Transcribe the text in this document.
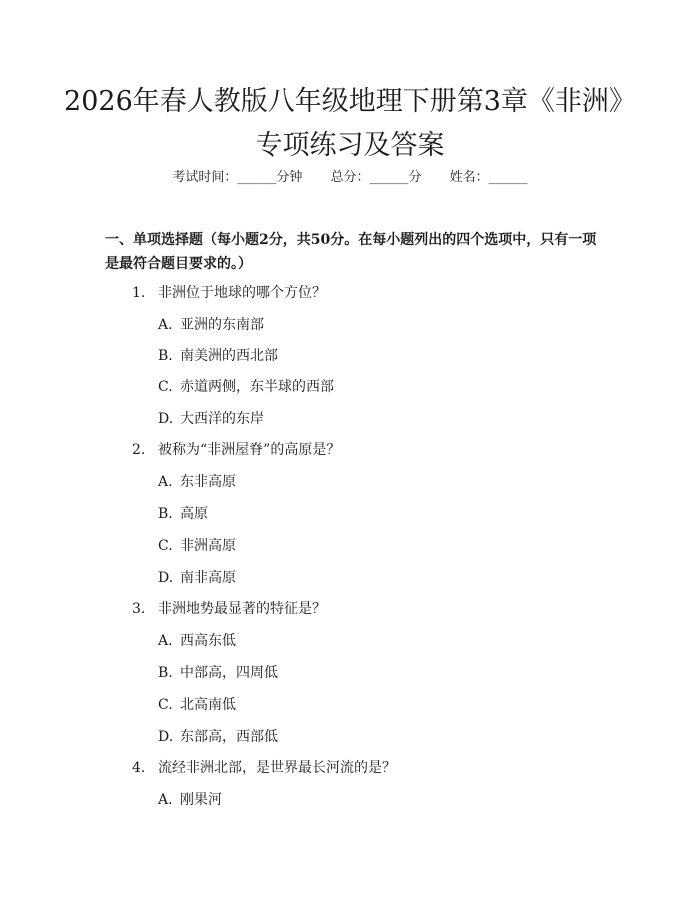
2026年春人教版八年级地理下册第3章《非洲》专项练习及答案
考试时间：______分钟 总分：______分 姓名：______
一、单项选择题（每小题2分，共50分。在每小题列出的四个选项中，只有一项是最符合题目要求的。）
1. 非洲位于地球的哪个方位？
A. 亚洲的东南部
B. 南美洲的西北部
C. 赤道两侧，东半球的西部
D. 大西洋的东岸
2. 被称为“非洲屋脊”的高原是？
A. 东非高原
B. 高原
C. 非洲高原
D. 南非高原
3. 非洲地势最显著的特征是？
A. 西高东低
B. 中部高，四周低
C. 北高南低
D. 东部高，西部低
4. 流经非洲北部，是世界最长河流的是？
A. 刚果河
